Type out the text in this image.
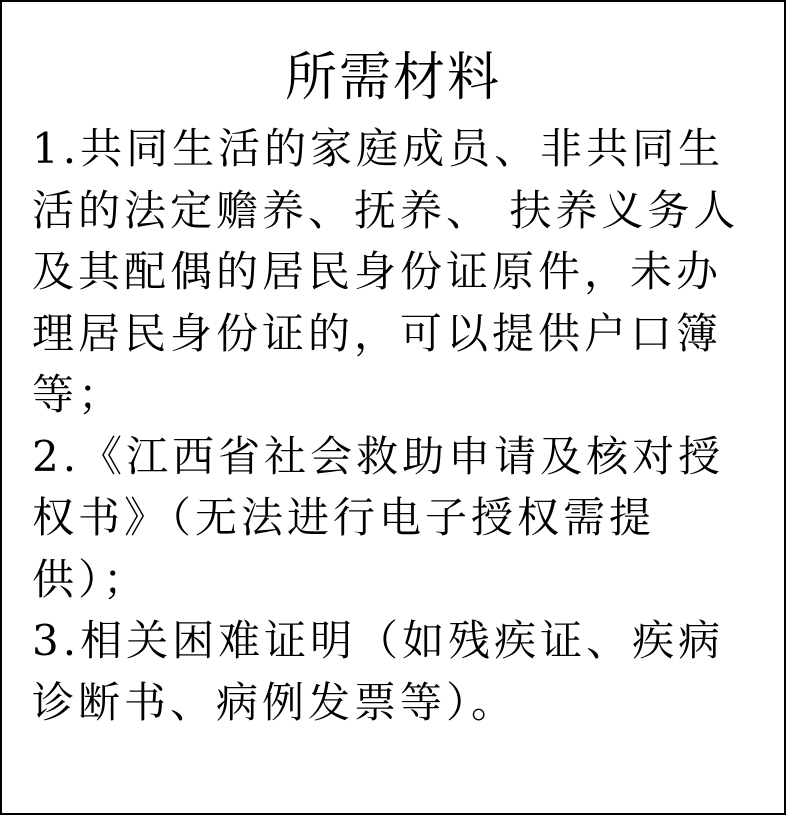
所需材料

1.共同生活的家庭成员、非共同生活的法定赡养、抚养、 扶养义务人及其配偶的居民身份证原件，未办理居民身份证的，可以提供户口簿等；

2.《江西省社会救助申请及核对授权书》（无法进行电子授权需提供）；

3.相关困难证明（如残疾证、疾病诊断书、病例发票等）。
